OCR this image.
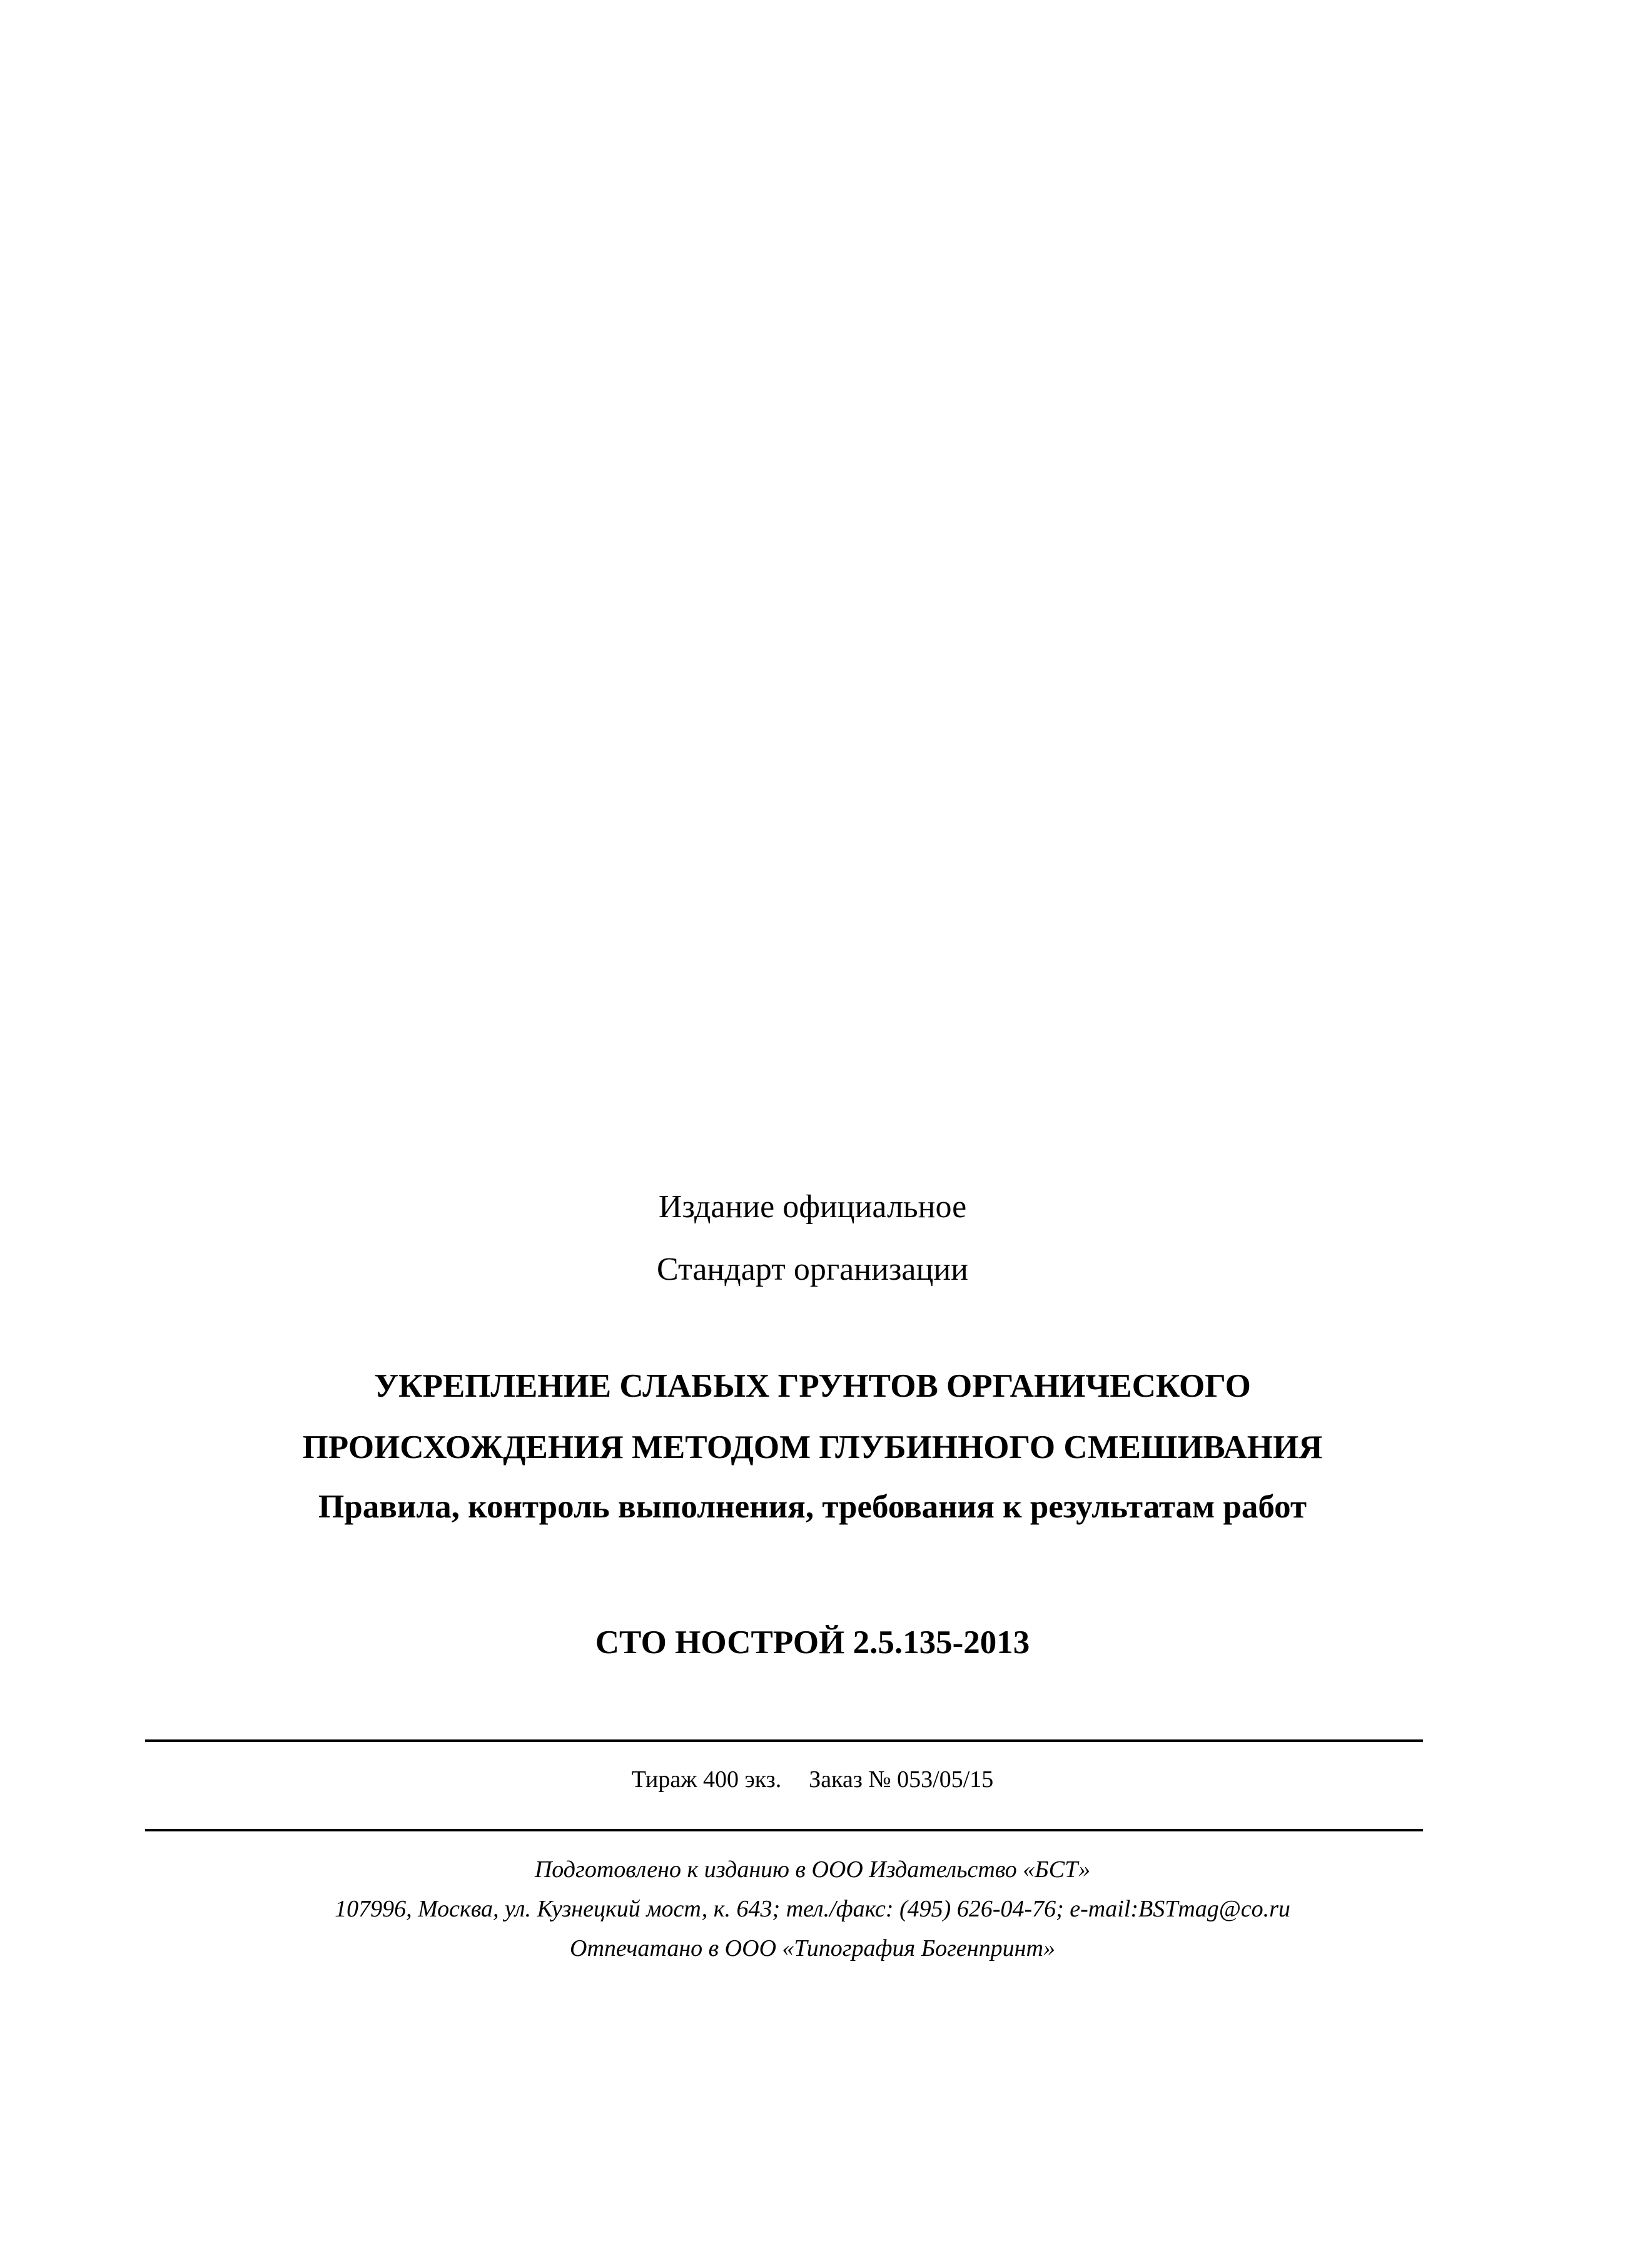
Издание официальное
Стандарт организации
УКРЕПЛЕНИЕ СЛАБЫХ ГРУНТОВ ОРГАНИЧЕСКОГО
ПРОИСХОЖДЕНИЯ МЕТОДОМ ГЛУБИННОГО СМЕШИВАНИЯ
Правила, контроль выполнения, требования к результатам работ
СТО НОСТРОЙ 2.5.135-2013
Тираж 400 экз. Заказ № 053/05/15
Подготовлено к изданию в ООО Издательство «БСТ»
107996, Москва, ул. Кузнецкий мост, к. 643; тел./факс: (495) 626-04-76; e-mail:BSTmag@co.ru
Отпечатано в ООО «Типография Богенпринт»
